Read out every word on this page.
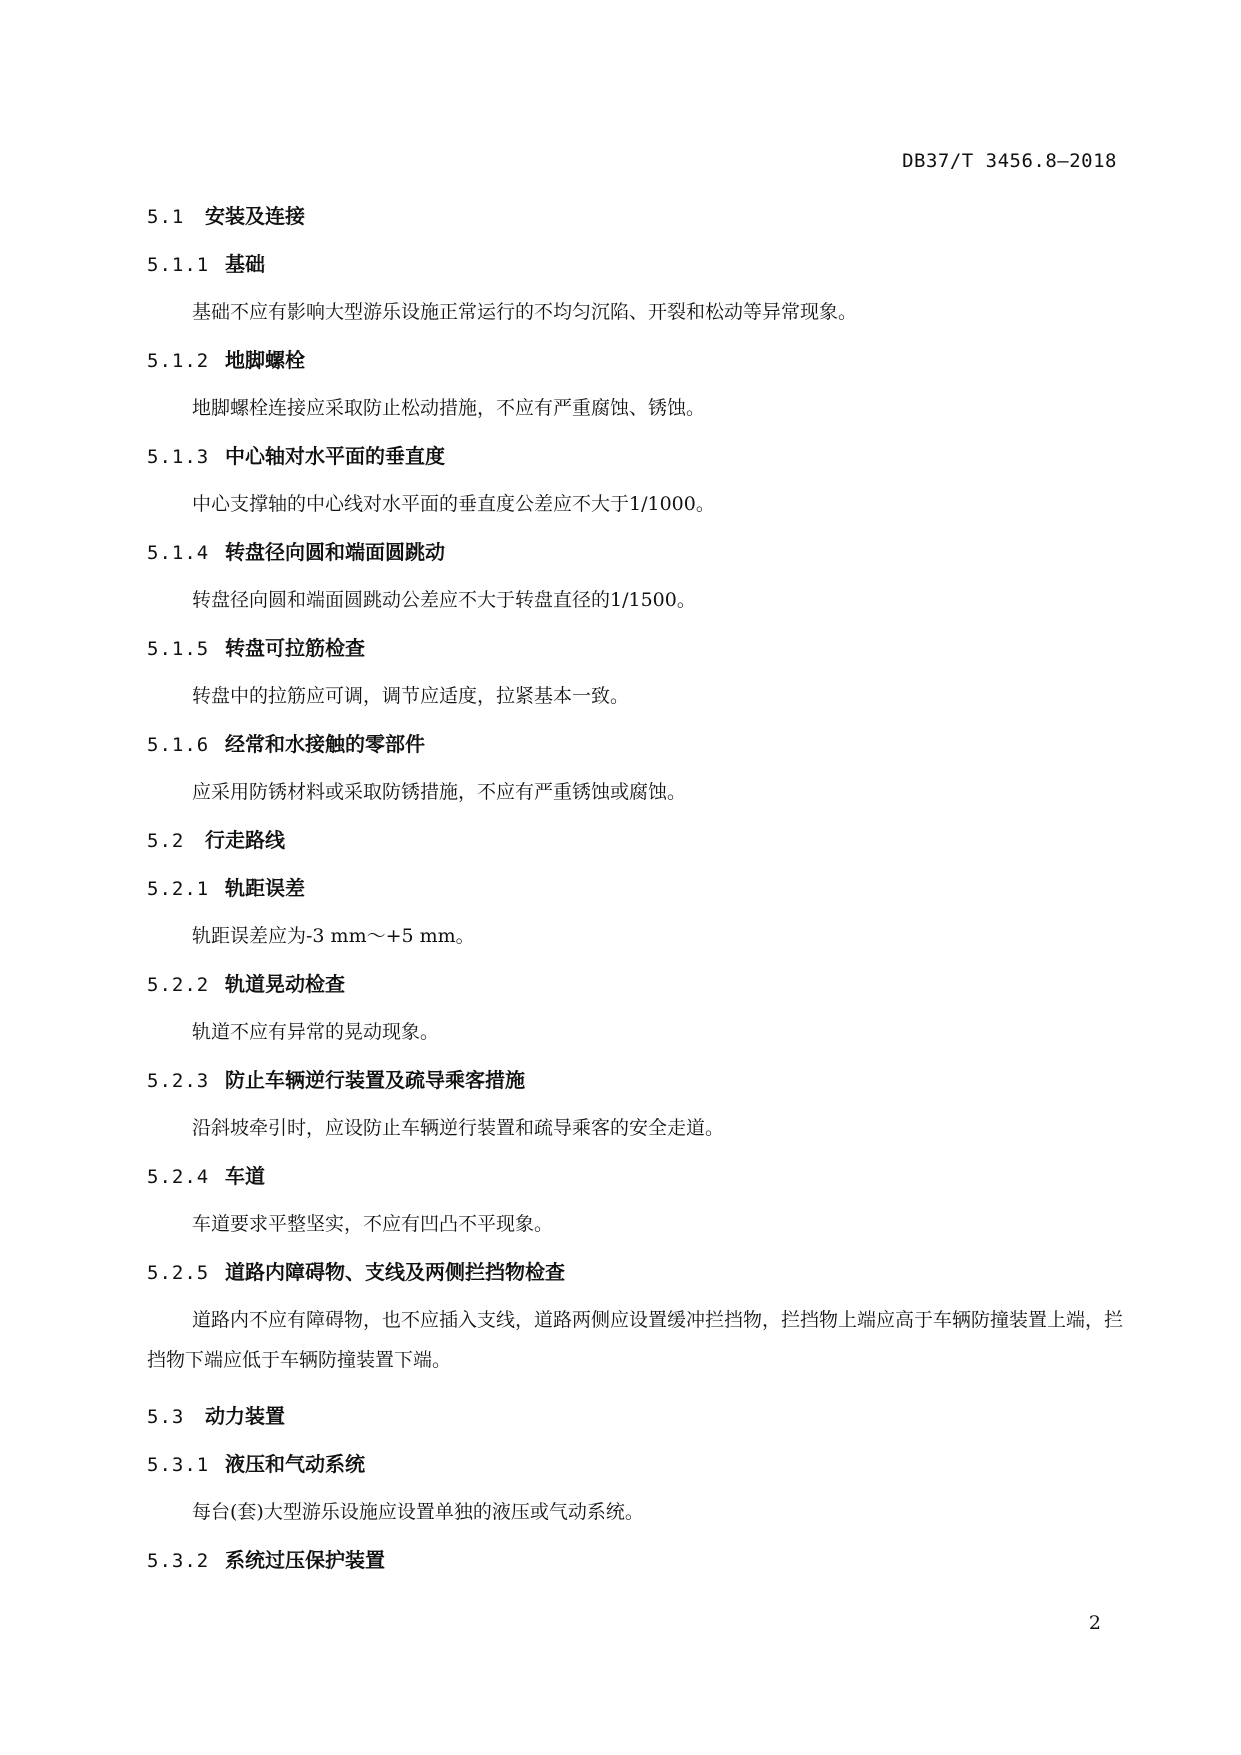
DB37/T 3456.8—2018
5.1 安装及连接
5.1.1 基础

基础不应有影响大型游乐设施正常运行的不均匀沉陷、开裂和松动等异常现象。

5.1.2 地脚螺栓

地脚螺栓连接应采取防止松动措施，不应有严重腐蚀、锈蚀。

5.1.3 中心轴对水平面的垂直度

中心支撑轴的中心线对水平面的垂直度公差应不大于1/1000。

5.1.4 转盘径向圆和端面圆跳动

转盘径向圆和端面圆跳动公差应不大于转盘直径的1/1500。

5.1.5 转盘可拉筋检查

转盘中的拉筋应可调，调节应适度，拉紧基本一致。

5.1.6 经常和水接触的零部件

应采用防锈材料或采取防锈措施，不应有严重锈蚀或腐蚀。

5.2 行走路线
5.2.1 轨距误差

轨距误差应为-3 mm～+5 mm。

5.2.2 轨道晃动检查

轨道不应有异常的晃动现象。

5.2.3 防止车辆逆行装置及疏导乘客措施

沿斜坡牵引时，应设防止车辆逆行装置和疏导乘客的安全走道。

5.2.4 车道

车道要求平整坚实，不应有凹凸不平现象。

5.2.5 道路内障碍物、支线及两侧拦挡物检查

道路内不应有障碍物，也不应插入支线，道路两侧应设置缓冲拦挡物，拦挡物上端应高于车辆防撞装置上端，拦挡物下端应低于车辆防撞装置下端。

5.3 动力装置
5.3.1 液压和气动系统

每台(套)大型游乐设施应设置单独的液压或气动系统。

5.3.2 系统过压保护装置
2
